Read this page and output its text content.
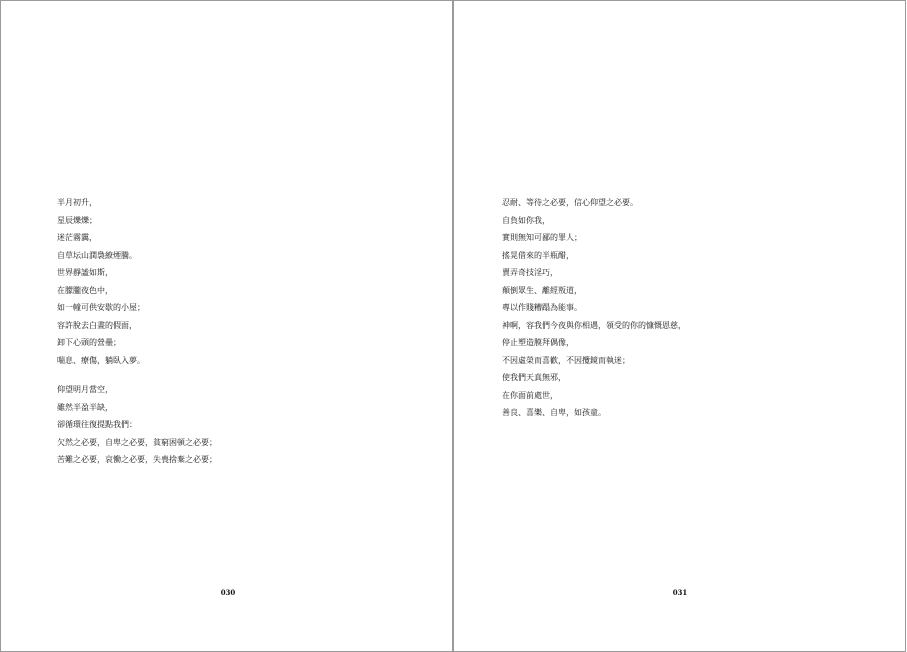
半月初升，
星辰爍爍；
迷茫霧靄，
自草坛山潤裊繚煙騰。
世界靜謐如斯，
在朦朧夜色中，
如一幢可供安歇的小屋；
容許脫去白晝的假面，
卸下心頭的營壘；
喘息、療傷，躺臥入夢。
仰望明月當空，
雖然半盈半缺，
卻循環往復提點我們：
欠然之必要，自卑之必要，貧窮困頓之必要；
苦難之必要，哀慟之必要，失喪捨棄之必要；
030
忍耐、等待之必要，信心仰望之必要。
自負如你我，
實則無知可鄙的罪人；
搖晃借來的半瓶醋，
賣弄奇技淫巧，
顛倒眾生、離經叛道，
專以作賤糟蹋為能事。
神啊，容我們今夜與你相遇，領受的你的慷慨恩慈，
停止塑造膜拜偶像，
不因虛榮而喜歡，不因攬鏡而執迷；
使我們天真無邪，
在你面前處世，
善良、喜樂、自卑，如孩童。
031
